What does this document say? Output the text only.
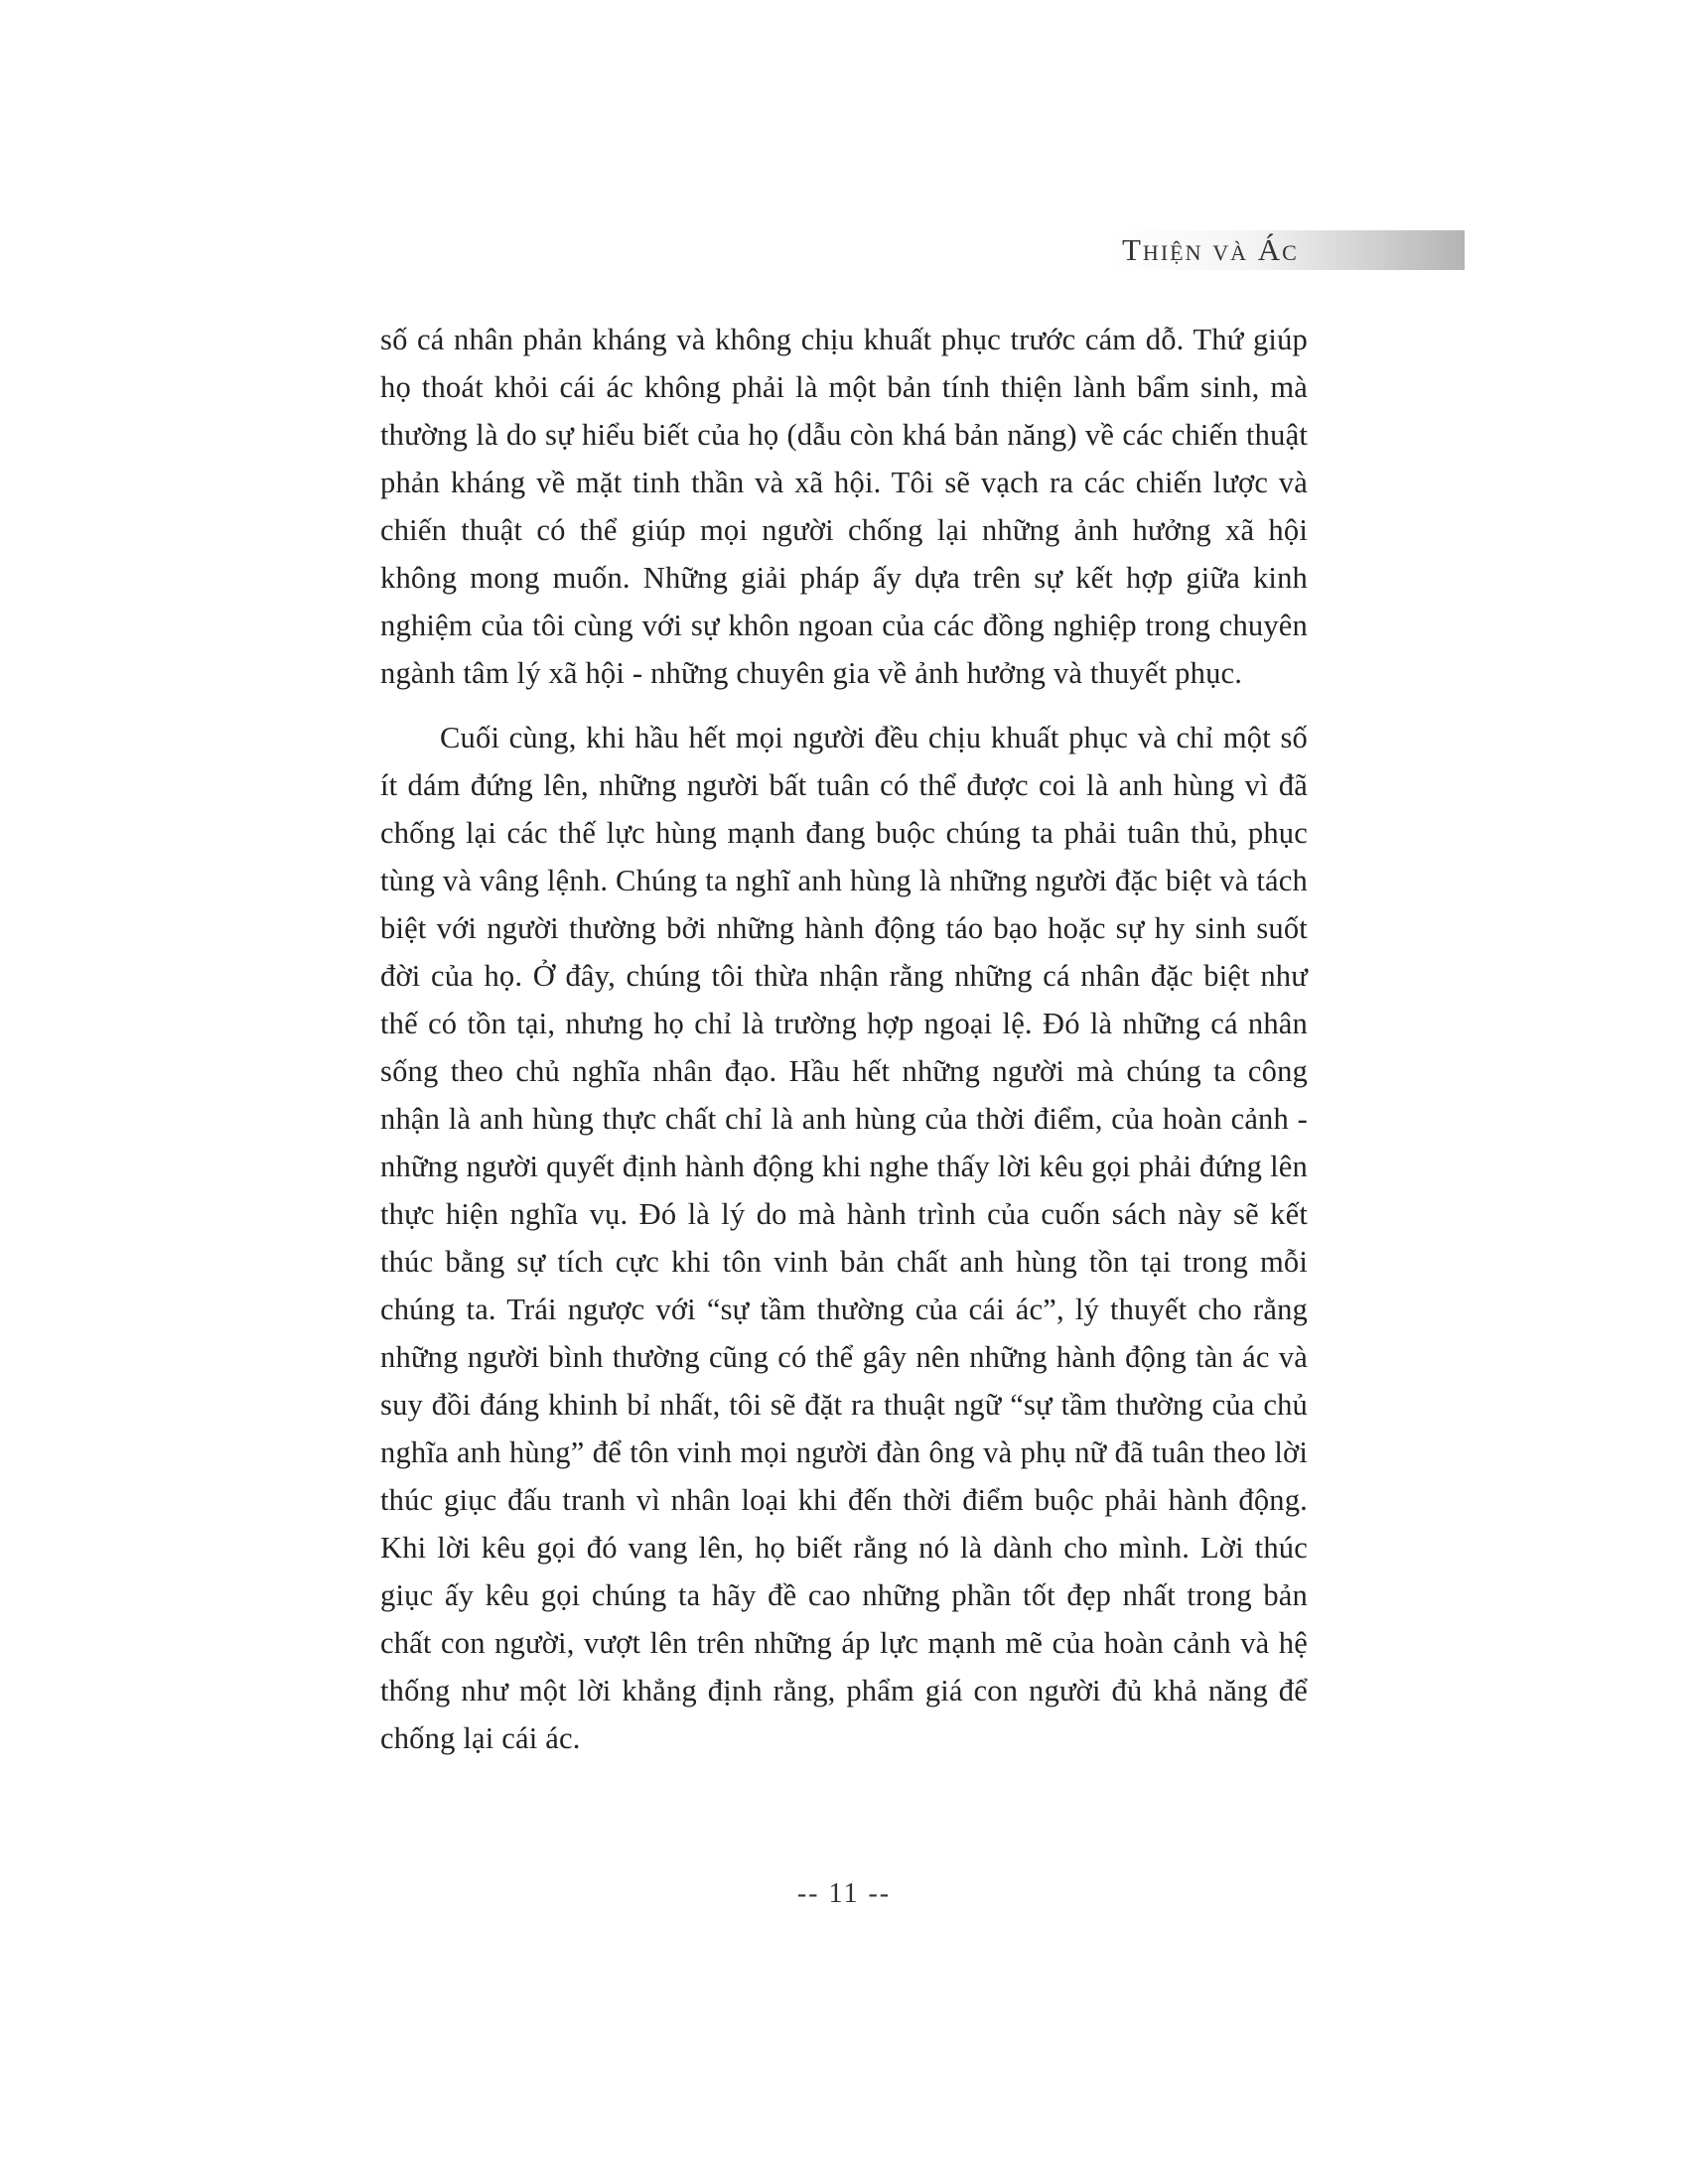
Thiện và Ác

số cá nhân phản kháng và không chịu khuất phục trước cám dỗ. Thứ giúp họ thoát khỏi cái ác không phải là một bản tính thiện lành bẩm sinh, mà thường là do sự hiểu biết của họ (dẫu còn khá bản năng) về các chiến thuật phản kháng về mặt tinh thần và xã hội. Tôi sẽ vạch ra các chiến lược và chiến thuật có thể giúp mọi người chống lại những ảnh hưởng xã hội không mong muốn. Những giải pháp ấy dựa trên sự kết hợp giữa kinh nghiệm của tôi cùng với sự khôn ngoan của các đồng nghiệp trong chuyên ngành tâm lý xã hội - những chuyên gia về ảnh hưởng và thuyết phục.

Cuối cùng, khi hầu hết mọi người đều chịu khuất phục và chỉ một số ít dám đứng lên, những người bất tuân có thể được coi là anh hùng vì đã chống lại các thế lực hùng mạnh đang buộc chúng ta phải tuân thủ, phục tùng và vâng lệnh. Chúng ta nghĩ anh hùng là những người đặc biệt và tách biệt với người thường bởi những hành động táo bạo hoặc sự hy sinh suốt đời của họ. Ở đây, chúng tôi thừa nhận rằng những cá nhân đặc biệt như thế có tồn tại, nhưng họ chỉ là trường hợp ngoại lệ. Đó là những cá nhân sống theo chủ nghĩa nhân đạo. Hầu hết những người mà chúng ta công nhận là anh hùng thực chất chỉ là anh hùng của thời điểm, của hoàn cảnh - những người quyết định hành động khi nghe thấy lời kêu gọi phải đứng lên thực hiện nghĩa vụ. Đó là lý do mà hành trình của cuốn sách này sẽ kết thúc bằng sự tích cực khi tôn vinh bản chất anh hùng tồn tại trong mỗi chúng ta. Trái ngược với “sự tầm thường của cái ác”, lý thuyết cho rằng những người bình thường cũng có thể gây nên những hành động tàn ác và suy đồi đáng khinh bỉ nhất, tôi sẽ đặt ra thuật ngữ “sự tầm thường của chủ nghĩa anh hùng” để tôn vinh mọi người đàn ông và phụ nữ đã tuân theo lời thúc giục đấu tranh vì nhân loại khi đến thời điểm buộc phải hành động. Khi lời kêu gọi đó vang lên, họ biết rằng nó là dành cho mình. Lời thúc giục ấy kêu gọi chúng ta hãy đề cao những phần tốt đẹp nhất trong bản chất con người, vượt lên trên những áp lực mạnh mẽ của hoàn cảnh và hệ thống như một lời khẳng định rằng, phẩm giá con người đủ khả năng để chống lại cái ác.

-- 11 --
